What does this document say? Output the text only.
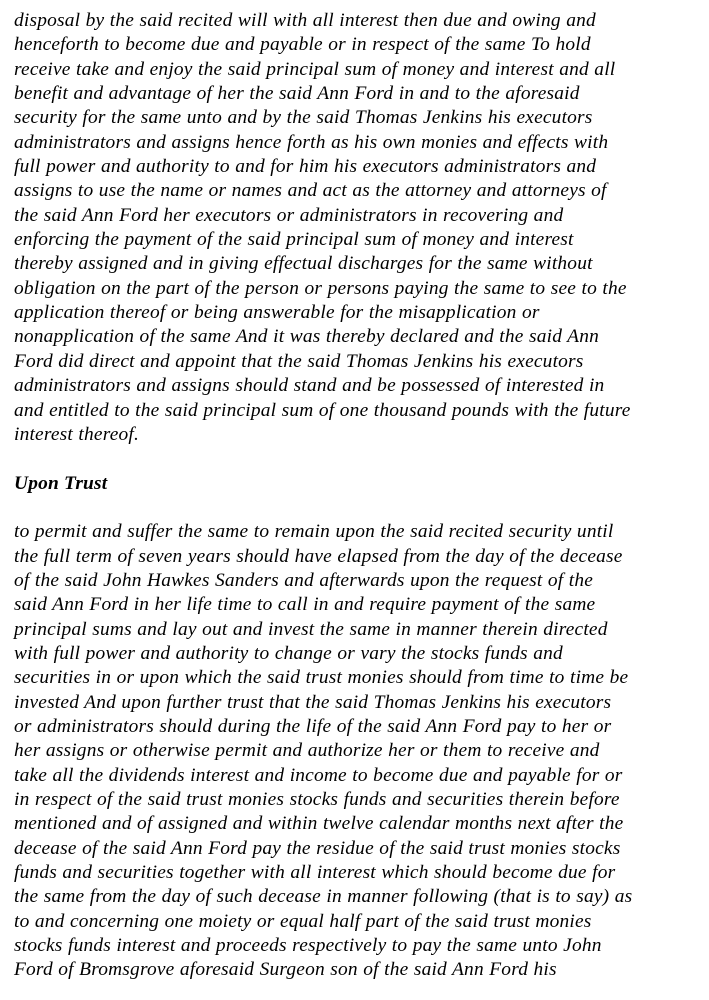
disposal by the said recited will with all interest then due and owing and
henceforth to become due and payable or in respect of the same To hold
receive take and enjoy the said principal sum of money and interest and all
benefit and advantage of her the said Ann Ford in and to the aforesaid
security for the same unto and by the said Thomas Jenkins his executors
administrators and assigns hence forth as his own monies and effects with
full power and authority to and for him his executors administrators and
assigns to use the name or names and act as the attorney and attorneys of
the said Ann Ford her executors or administrators in recovering and
enforcing the payment of the said principal sum of money and interest
thereby assigned and in giving effectual discharges for the same without
obligation on the part of the person or persons paying the same to see to the
application thereof or being answerable for the misapplication or
nonapplication of the same And it was thereby declared and the said Ann
Ford did direct and appoint that the said Thomas Jenkins his executors
administrators and assigns should stand and be possessed of interested in
and entitled to the said principal sum of one thousand pounds with the future
interest thereof.

Upon Trust

to permit and suffer the same to remain upon the said recited security until
the full term of seven years should have elapsed from the day of the decease
of the said John Hawkes Sanders and afterwards upon the request of the
said Ann Ford in her life time to call in and require payment of the same
principal sums and lay out and invest the same in manner therein directed
with full power and authority to change or vary the stocks funds and
securities in or upon which the said trust monies should from time to time be
invested And upon further trust that the said Thomas Jenkins his executors
or administrators should during the life of the said Ann Ford pay to her or
her assigns or otherwise permit and authorize her or them to receive and
take all the dividends interest and income to become due and payable for or
in respect of the said trust monies stocks funds and securities therein before
mentioned and of assigned and within twelve calendar months next after the
decease of the said Ann Ford pay the residue of the said trust monies stocks
funds and securities together with all interest which should become due for
the same from the day of such decease in manner following (that is to say) as
to and concerning one moiety or equal half part of the said trust monies
stocks funds interest and proceeds respectively to pay the same unto John
Ford of Bromsgrove aforesaid Surgeon son of the said Ann Ford his
